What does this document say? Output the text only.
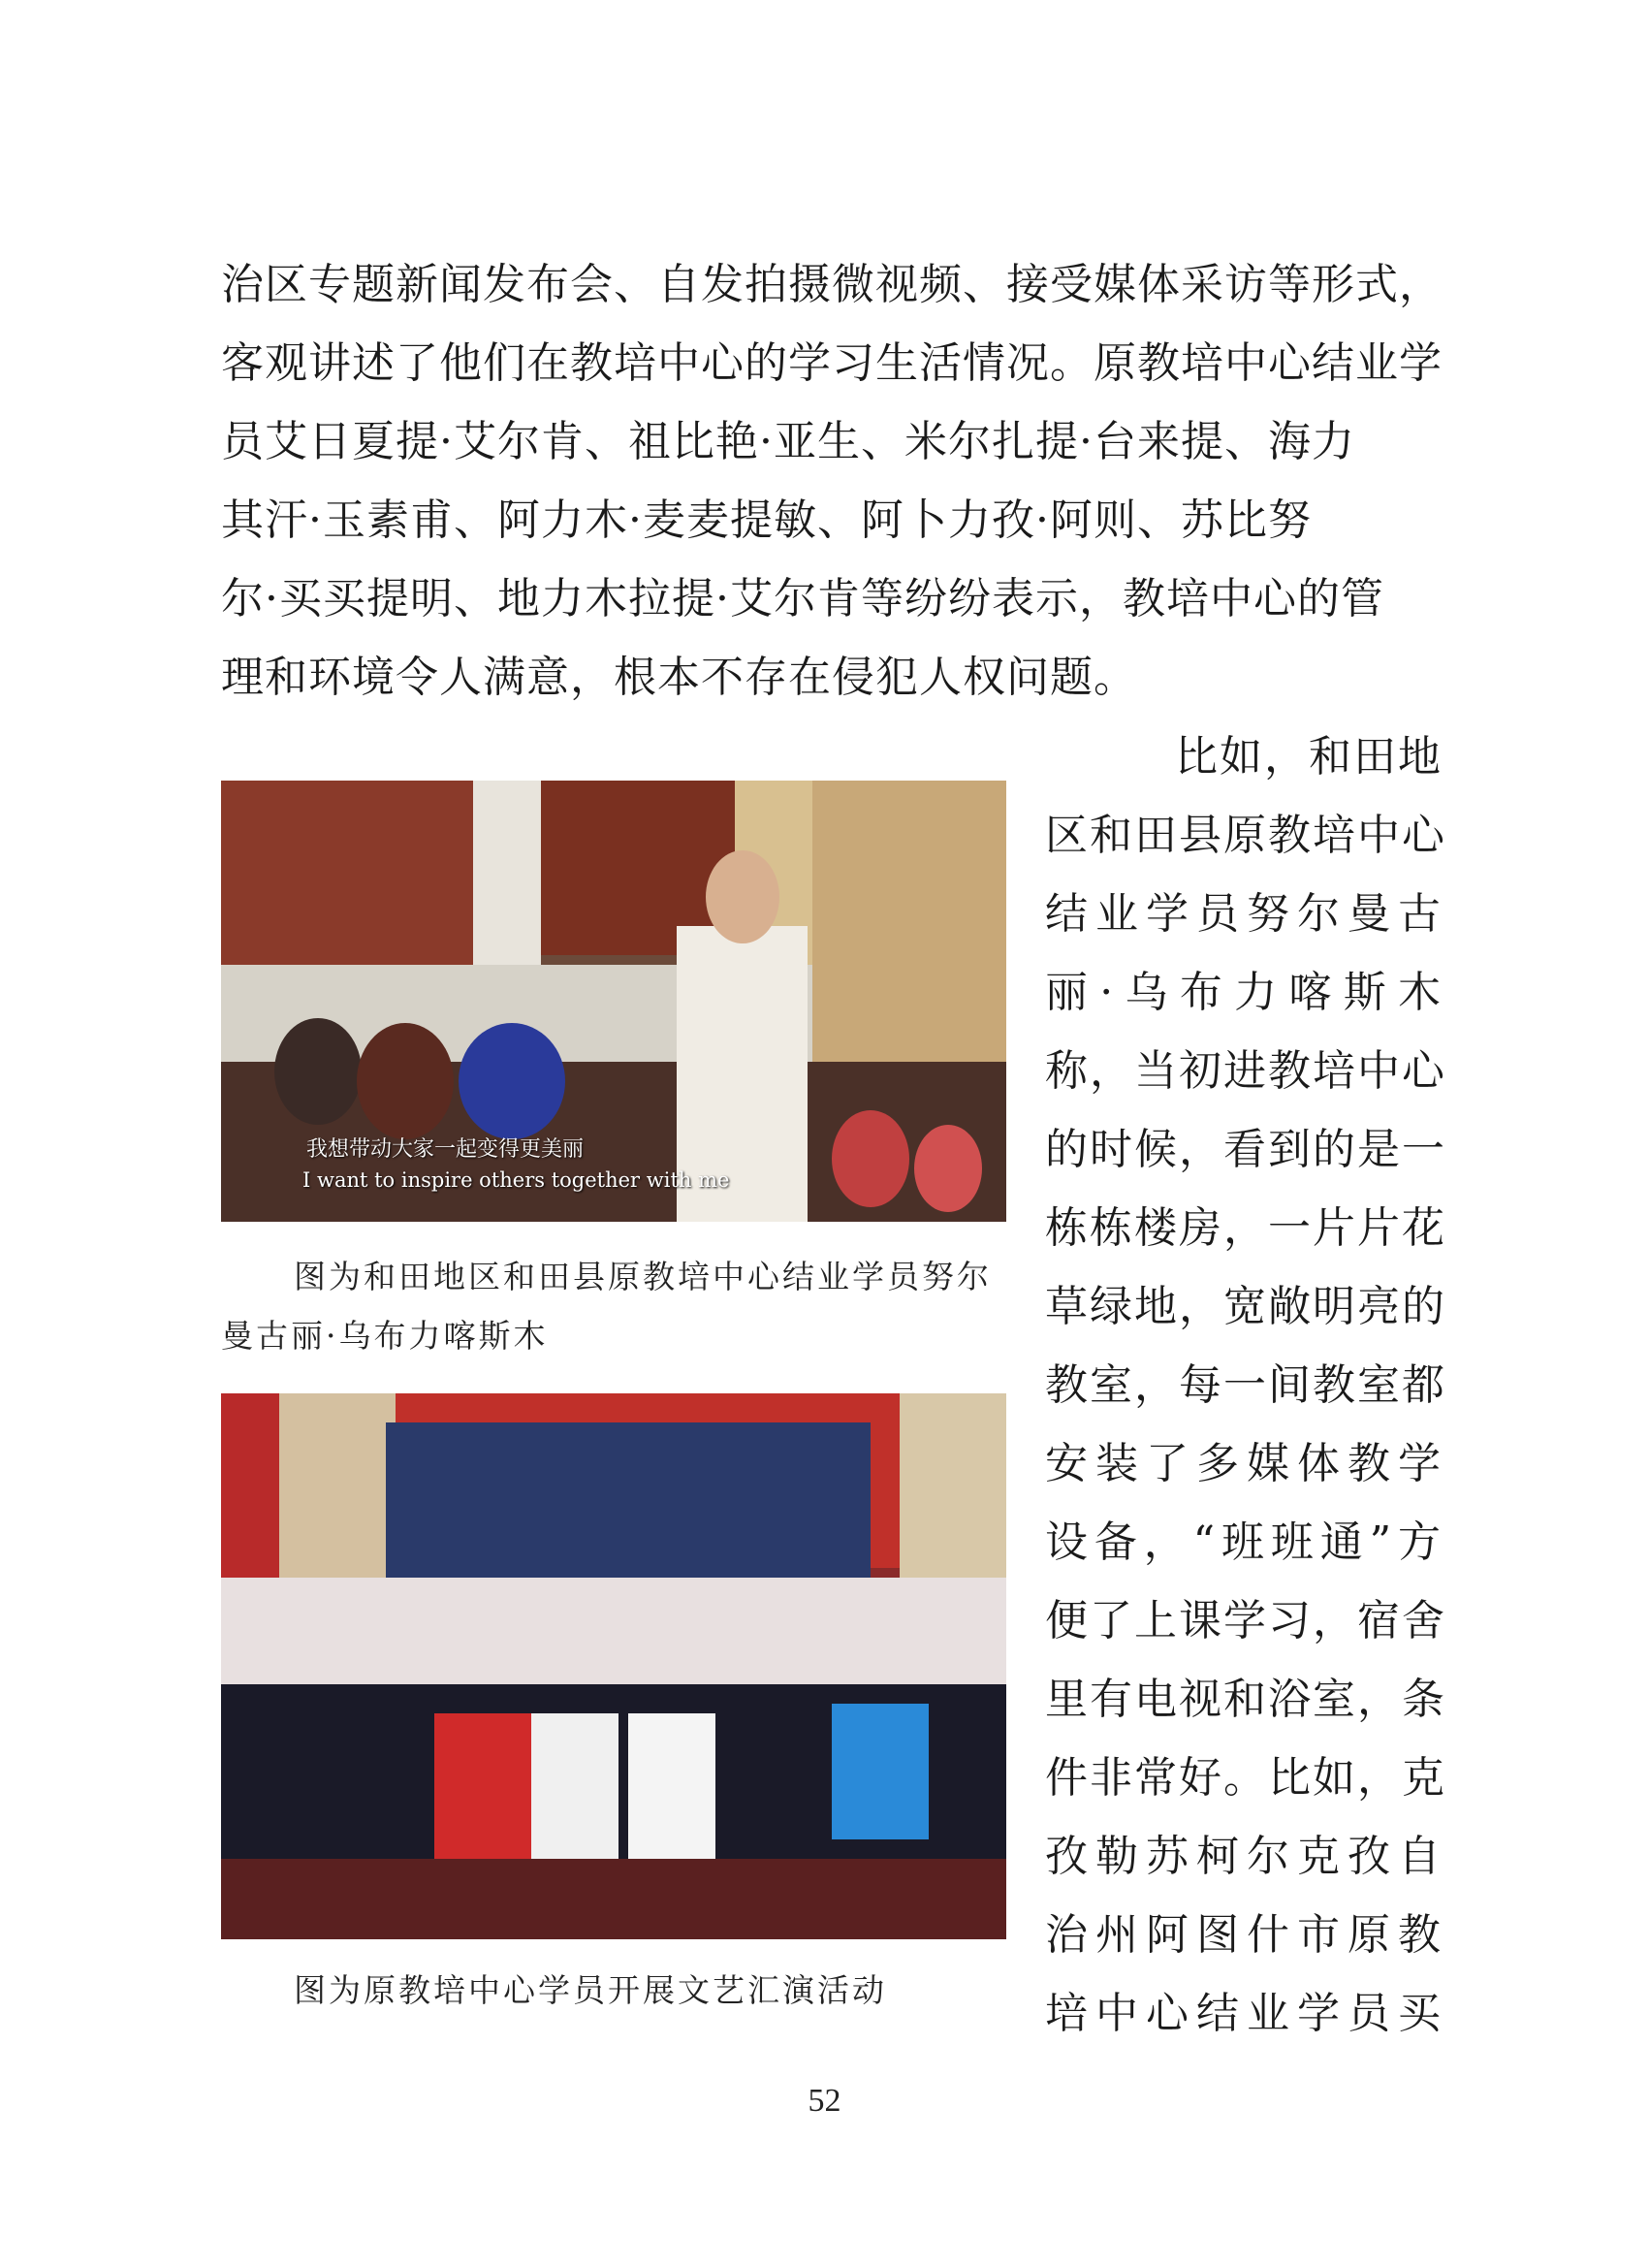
治区专题新闻发布会、自发拍摄微视频、接受媒体采访等形式，
客观讲述了他们在教培中心的学习生活情况。原教培中心结业学
员艾日夏提·艾尔肯、祖比艳·亚生、米尔扎提·台来提、海力
其汗·玉素甫、阿力木·麦麦提敏、阿卜力孜·阿则、苏比努
尔·买买提明、地力木拉提·艾尔肯等纷纷表示，教培中心的管
理和环境令人满意，根本不存在侵犯人权问题。
我想带动大家一起变得更美丽
I want to inspire others together with me
图为和田地区和田县原教培中心结业学员努尔曼古丽·乌布力喀斯木
图为原教培中心学员开展文艺汇演活动
比如，和田地
区和田县原教培中心
结业学员努尔曼古
丽·乌布力喀斯木
称，当初进教培中心
的时候，看到的是一
栋栋楼房，一片片花
草绿地，宽敞明亮的
教室，每一间教室都
安装了多媒体教学
设备，“班班通”方
便了上课学习，宿舍
里有电视和浴室，条
件非常好。比如，克
孜勒苏柯尔克孜自
治州阿图什市原教
培中心结业学员买
52
